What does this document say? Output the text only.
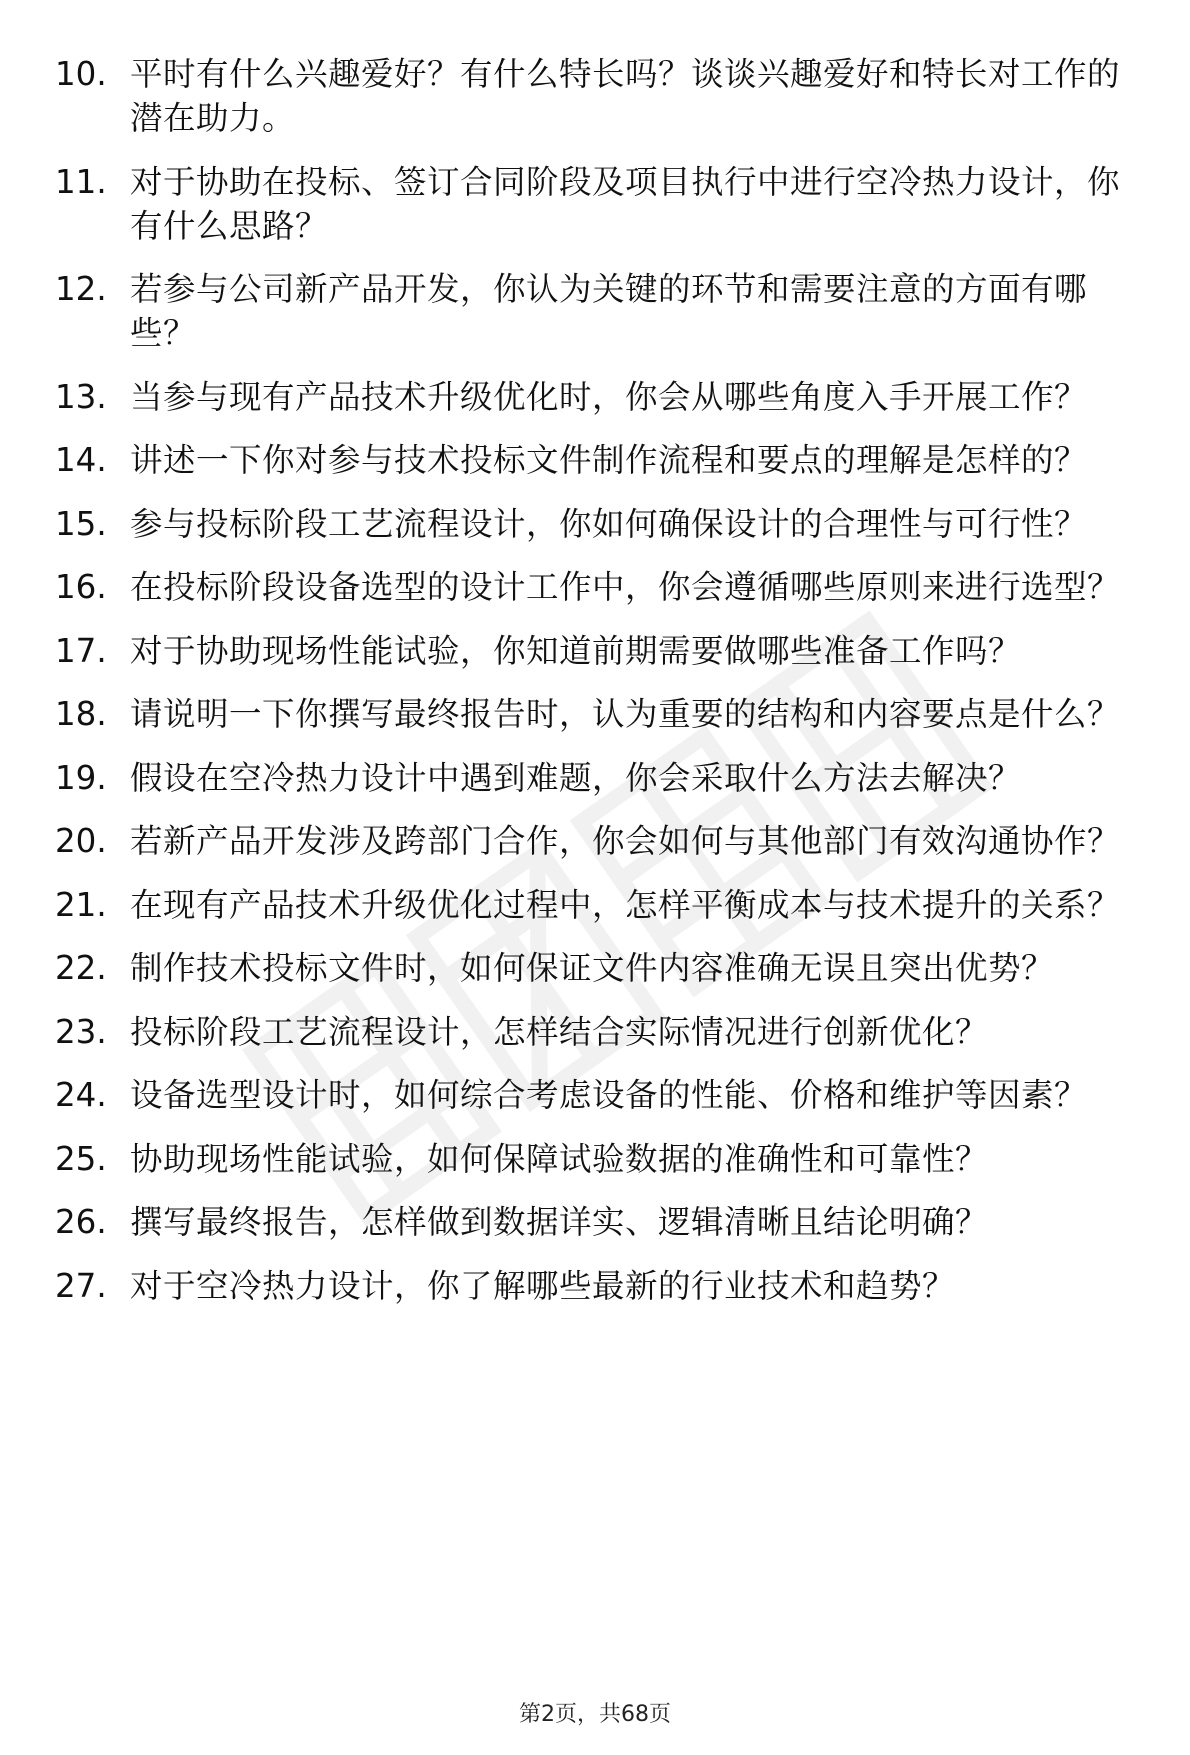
10. 平时有什么兴趣爱好？有什么特长吗？谈谈兴趣爱好和特长对工作的潜在助力。
11. 对于协助在投标、签订合同阶段及项目执行中进行空冷热力设计，你有什么思路？
12. 若参与公司新产品开发，你认为关键的环节和需要注意的方面有哪些？
13. 当参与现有产品技术升级优化时，你会从哪些角度入手开展工作？
14. 讲述一下你对参与技术投标文件制作流程和要点的理解是怎样的？
15. 参与投标阶段工艺流程设计，你如何确保设计的合理性与可行性？
16. 在投标阶段设备选型的设计工作中，你会遵循哪些原则来进行选型？
17. 对于协助现场性能试验，你知道前期需要做哪些准备工作吗？
18. 请说明一下你撰写最终报告时，认为重要的结构和内容要点是什么？
19. 假设在空冷热力设计中遇到难题，你会采取什么方法去解决？
20. 若新产品开发涉及跨部门合作，你会如何与其他部门有效沟通协作？
21. 在现有产品技术升级优化过程中，怎样平衡成本与技术提升的关系？
22. 制作技术投标文件时，如何保证文件内容准确无误且突出优势？
23. 投标阶段工艺流程设计，怎样结合实际情况进行创新优化？
24. 设备选型设计时，如何综合考虑设备的性能、价格和维护等因素？
25. 协助现场性能试验，如何保障试验数据的准确性和可靠性？
26. 撰写最终报告，怎样做到数据详实、逻辑清晰且结论明确？
27. 对于空冷热力设计，你了解哪些最新的行业技术和趋势？
第2页，共68页
